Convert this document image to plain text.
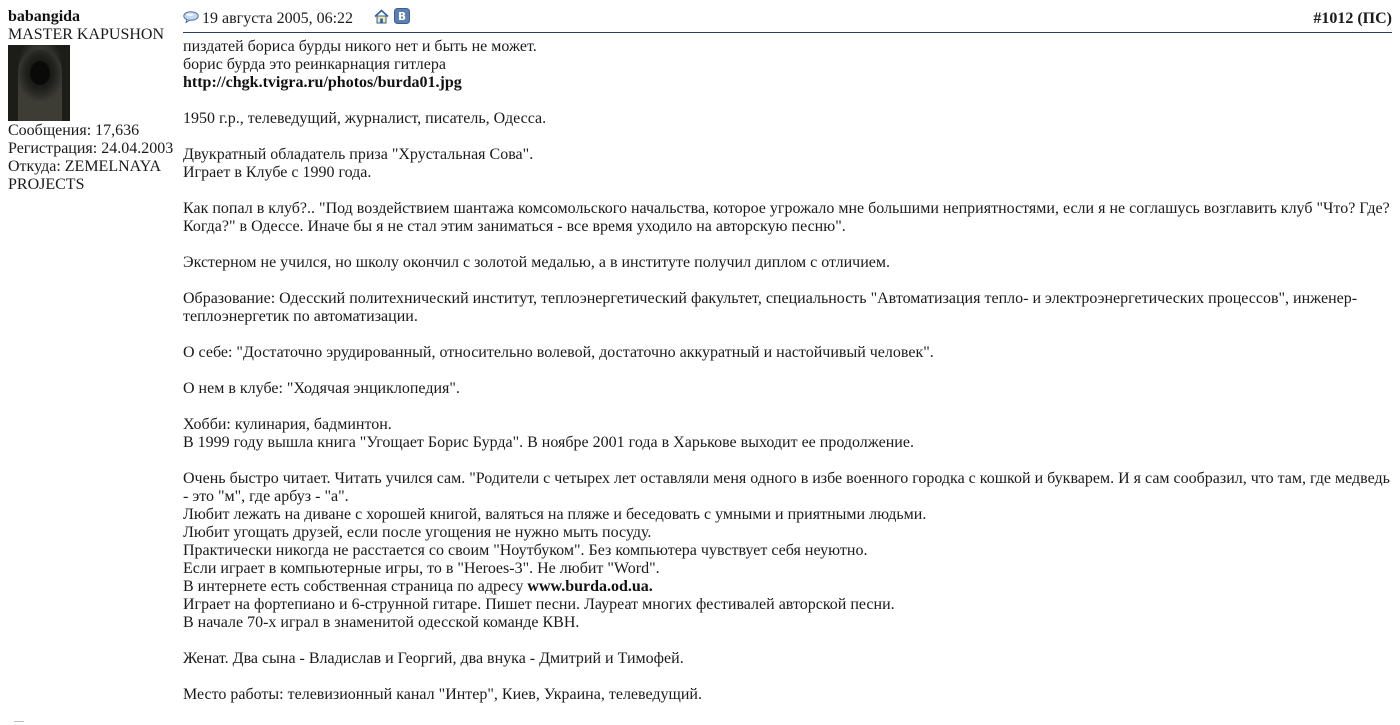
babangida
MASTER KAPUSHON
Сообщения: 17,636
Регистрация: 24.04.2003
Откуда: ZEMELNAYA
PROJECTS
19 августа 2005, 06:22	B	#1012 (ПС)

пиздатей бориса бурды никого нет и быть не может.

борис бурда это реинкарнация гитлера

http://chgk.tvigra.ru/photos/burda01.jpg

1950 г.р., телеведущий, журналист, писатель, Одесса.

Двукратный обладатель приза "Хрустальная Сова".

Играет в Клубе с 1990 года.

Как попал в клуб?.. "Под воздействием шантажа комсомольского начальства, которое угрожало мне большими неприятностями, если я не соглашусь возглавить клуб "Что? Где? Когда?" в Одессе. Иначе бы я не стал этим заниматься - все время уходило на авторскую песню".

Экстерном не учился, но школу окончил с золотой медалью, а в институте получил диплом с отличием.

Образование: Одесский политехнический институт, теплоэнергетический факультет, специальность "Автоматизация тепло- и электроэнергетических процессов", инженер-теплоэнергетик по автоматизации.

О себе: "Достаточно эрудированный, относительно волевой, достаточно аккуратный и настойчивый человек".

О нем в клубе: "Ходячая энциклопедия".

Хобби: кулинария, бадминтон.

В 1999 году вышла книга "Угощает Борис Бурда". В ноябре 2001 года в Харькове выходит ее продолжение.

Очень быстро читает. Читать учился сам. "Родители с четырех лет оставляли меня одного в избе военного городка с кошкой и букварем. И я сам сообразил, что там, где медведь - это "м", где арбуз - "а".

Любит лежать на диване с хорошей книгой, валяться на пляже и беседовать с умными и приятными людьми.

Любит угощать друзей, если после угощения не нужно мыть посуду.

Практически никогда не расстается со своим "Ноутбуком". Без компьютера чувствует себя неуютно.

Если играет в компьютерные игры, то в "Heroes-3". Не любит "Word".

В интернете есть собственная страница по адресу www.burda.od.ua.

Играет на фортепиано и 6-струнной гитаре. Пишет песни. Лауреат многих фестивалей авторской песни.

В начале 70-х играл в знаменитой одесской команде КВН.

Женат. Два сына - Владислав и Георгий, два внука - Дмитрий и Тимофей.

Место работы: телевизионный канал "Интер", Киев, Украина, телеведущий.
